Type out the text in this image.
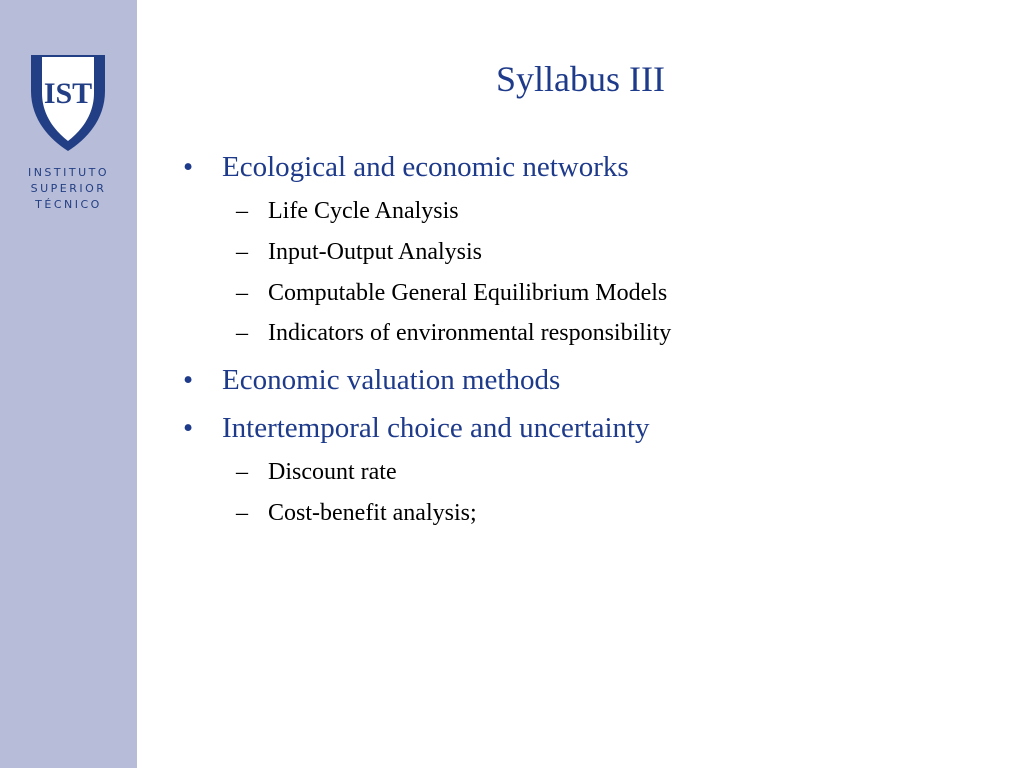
IST
INSTITUTO
SUPERIOR
TÉCNICO
Syllabus III
• Ecological and economic networks
– Life Cycle Analysis
– Input-Output Analysis
– Computable General Equilibrium Models
– Indicators of environmental responsibility
• Economic valuation methods
• Intertemporal choice and uncertainty
– Discount rate
– Cost-benefit analysis;
